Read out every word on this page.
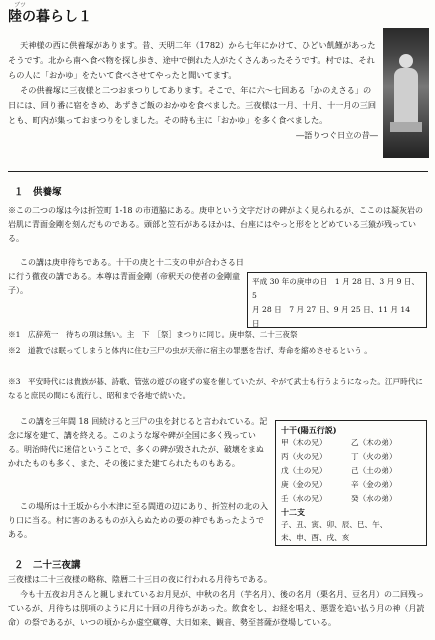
ブツ
陸の暮らし１

天神様の西に供養塚があります。昔、天明二年（1782）から七年にかけて、ひどい飢饉があったそうです。北から南へ食べ物を探し歩き、途中で倒れた人がたくさんあったそうです。村では、それらの人に「おかゆ」をたいて食べさせてやったと聞いてます。

その供養塚に三夜様と二つおまつりしてあります。そこで、年に六～七回ある「かのえさる」の日には、回り番に宿をきめ、あずきご飯のおかゆを食べました。三夜様は一月、十月、十一月の三回とも、町内が集っておまつりをしました。その時も主に「おかゆ」を多く食べました。

―語りつぐ日立の昔―
１　供養塚
※この二つの塚は今は折笠町 1-18 の市道脇にある。庚申という文字だけの碑がよく見られるが、ここのは凝灰岩の岩肌に青面金剛を刻んだものである。頭部と笠石があるほかは、台座にはやっと形をとどめている三猿が残っている。
この講は庚申待ちである。十干の庚と十二支の申が合わさる日に行う徹夜の講である。本尊は青面金剛（帝釈天の使者の金剛童子）。
平成 30 年の庚申の日　1 月 28 日、3 月 9 日、5
月 28 日　7 月 27 日、9 月 25 日、11 月 14
日
※1　広辞苑一　待ちの項は無い。主　下　［祭］まつりに同じ。庚申祭、二十三夜祭
※2　道教では眠ってしまうと体内に住む三尸の虫が天帝に宿主の罪悪を告げ、寿命を縮めさせるという 。
※3　平安時代には貴族が碁、詩歌、管弦の遊びの寝ずの宴を催していたが、やがて武士も行うようになった。江戸時代になると庶民の間にも流行し、昭和まで各地で続いた。
この講を三年間 18 回続けると三尸の虫を封じると言われている。記念に塚を建て、講を終える。このような塚や碑が全国に多く残っている。明治時代に迷信ということで、多くの碑が毀されたが、破壊をまぬかれたものも多く、また、その後にまた建てられたものもある。
この場所は十王坂から小木津に至る間道の辺にあり、折笠村の北の入り口に当る。村に害のあるものが入らぬための要の神でもあったようである。
十干(陽五行説)
甲（木の兄）	乙（木の弟）
丙（火の兄）	丁（火の弟）
戊（土の兄）	己（土の弟）
庚（金の兄）	辛（金の弟）
壬（水の兄）	癸（水の弟）
十二支
子、丑、寅、卯、辰、巳、午、
未、申、酉、戌、亥
２　二十三夜講
三夜様は二十三夜様の略称、陰暦二十三日の夜に行われる月待ちである。
今も十五夜お月さんと親しまれているお月見が、中秋の名月（芋名月）、後の名月（栗名月、豆名月）の二回残っているが、月待ちは別項のように月に十回の月待ちがあった。飲食をし、お経を唱え、悪霊を追い払う月の神（月読命）の祭であるが、いつの頃からか虚空蔵尊、大日如来、観音、勢至菩薩が登場している。
